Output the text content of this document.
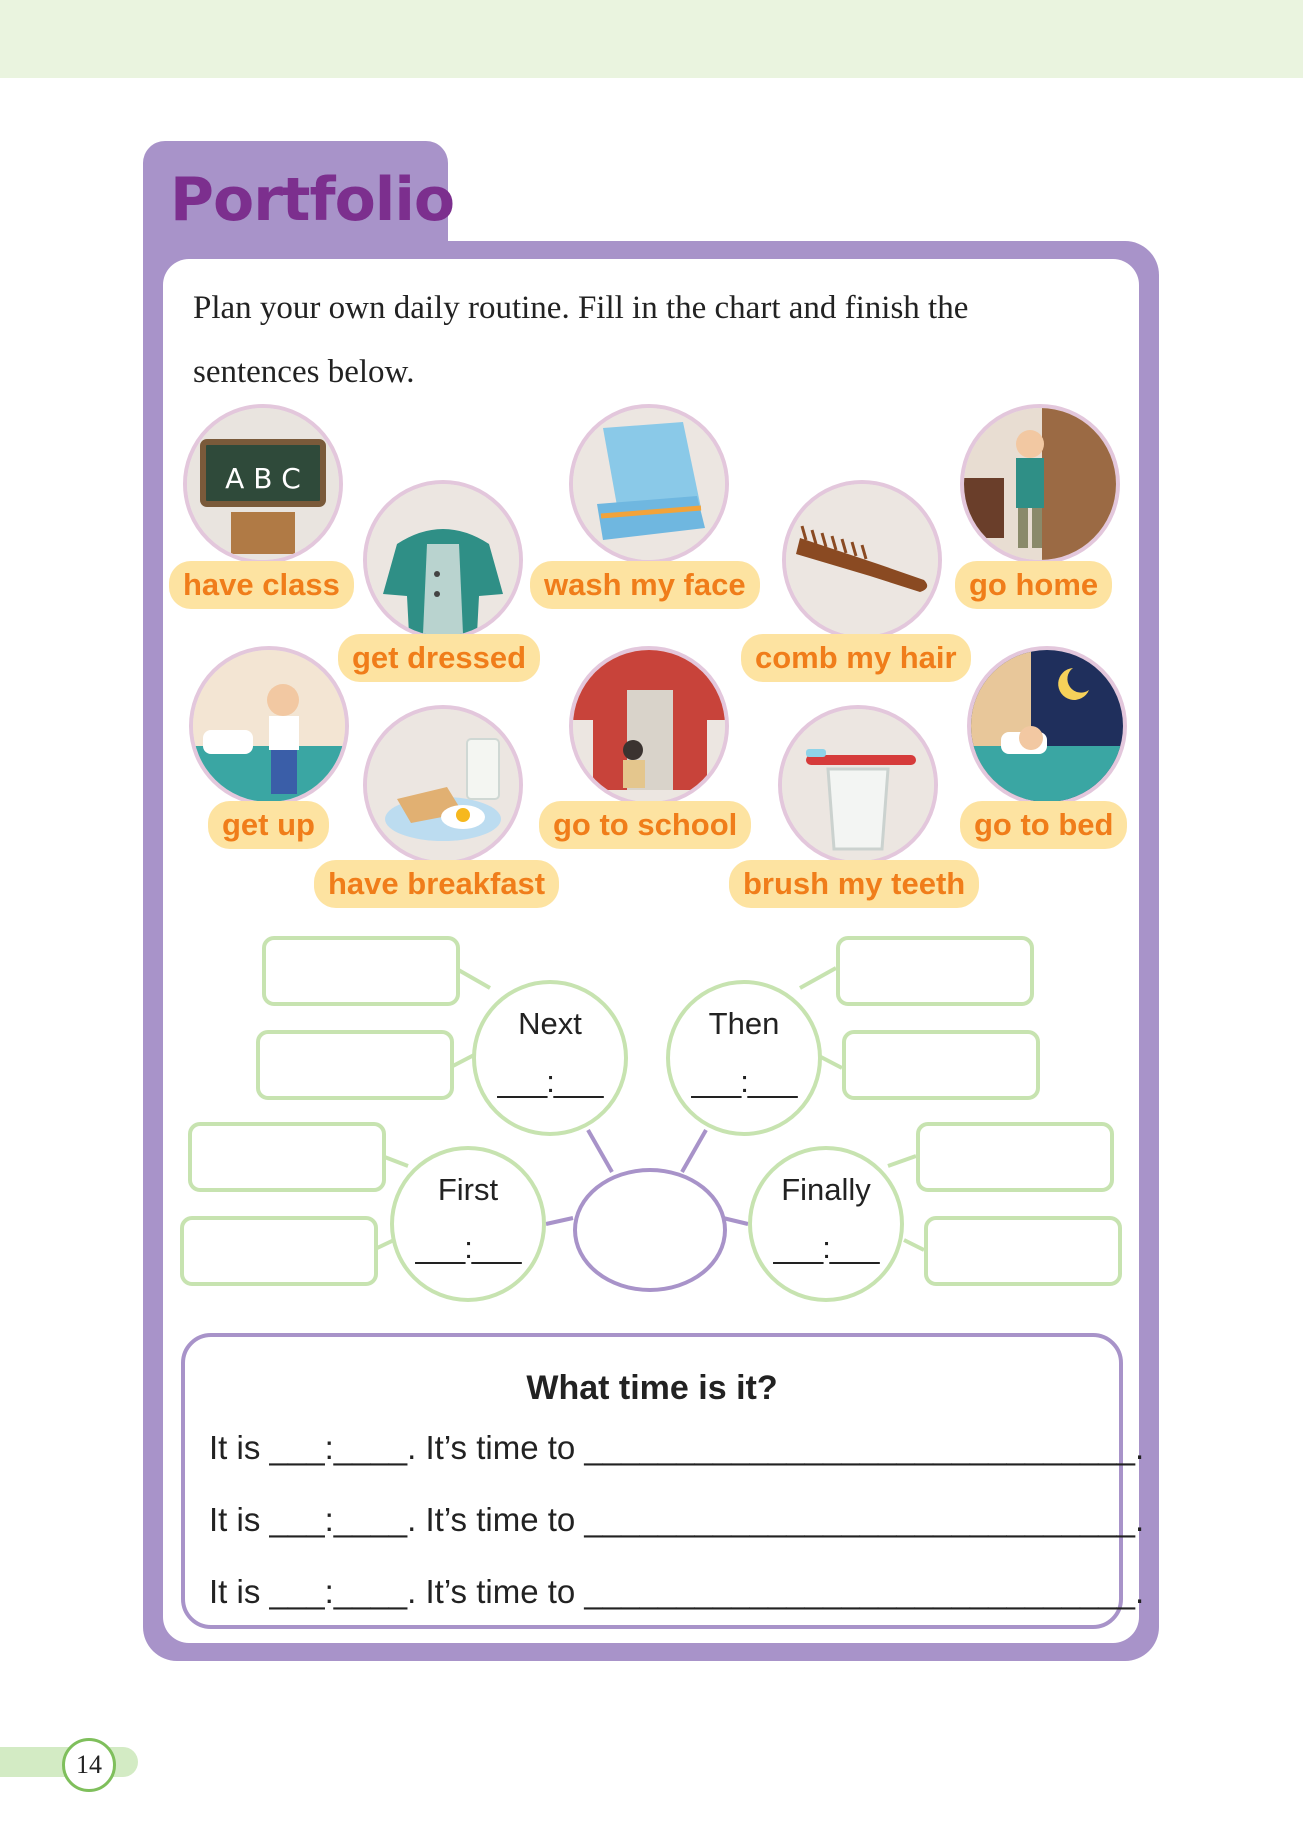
Portfolio
Plan your own daily routine. Fill in the chart and finish the sentences below.
A B C
have class
get dressed
wash my face
comb my hair
go home
get up
have breakfast
go to school
brush my teeth
go to bed
Next
___:___
Then
___:___
First
___:___
Finally
___:___
What time is it?
It is ___:____. It’s time to ______________________________.
It is ___:____. It’s time to ______________________________.
It is ___:____. It’s time to ______________________________.
14
